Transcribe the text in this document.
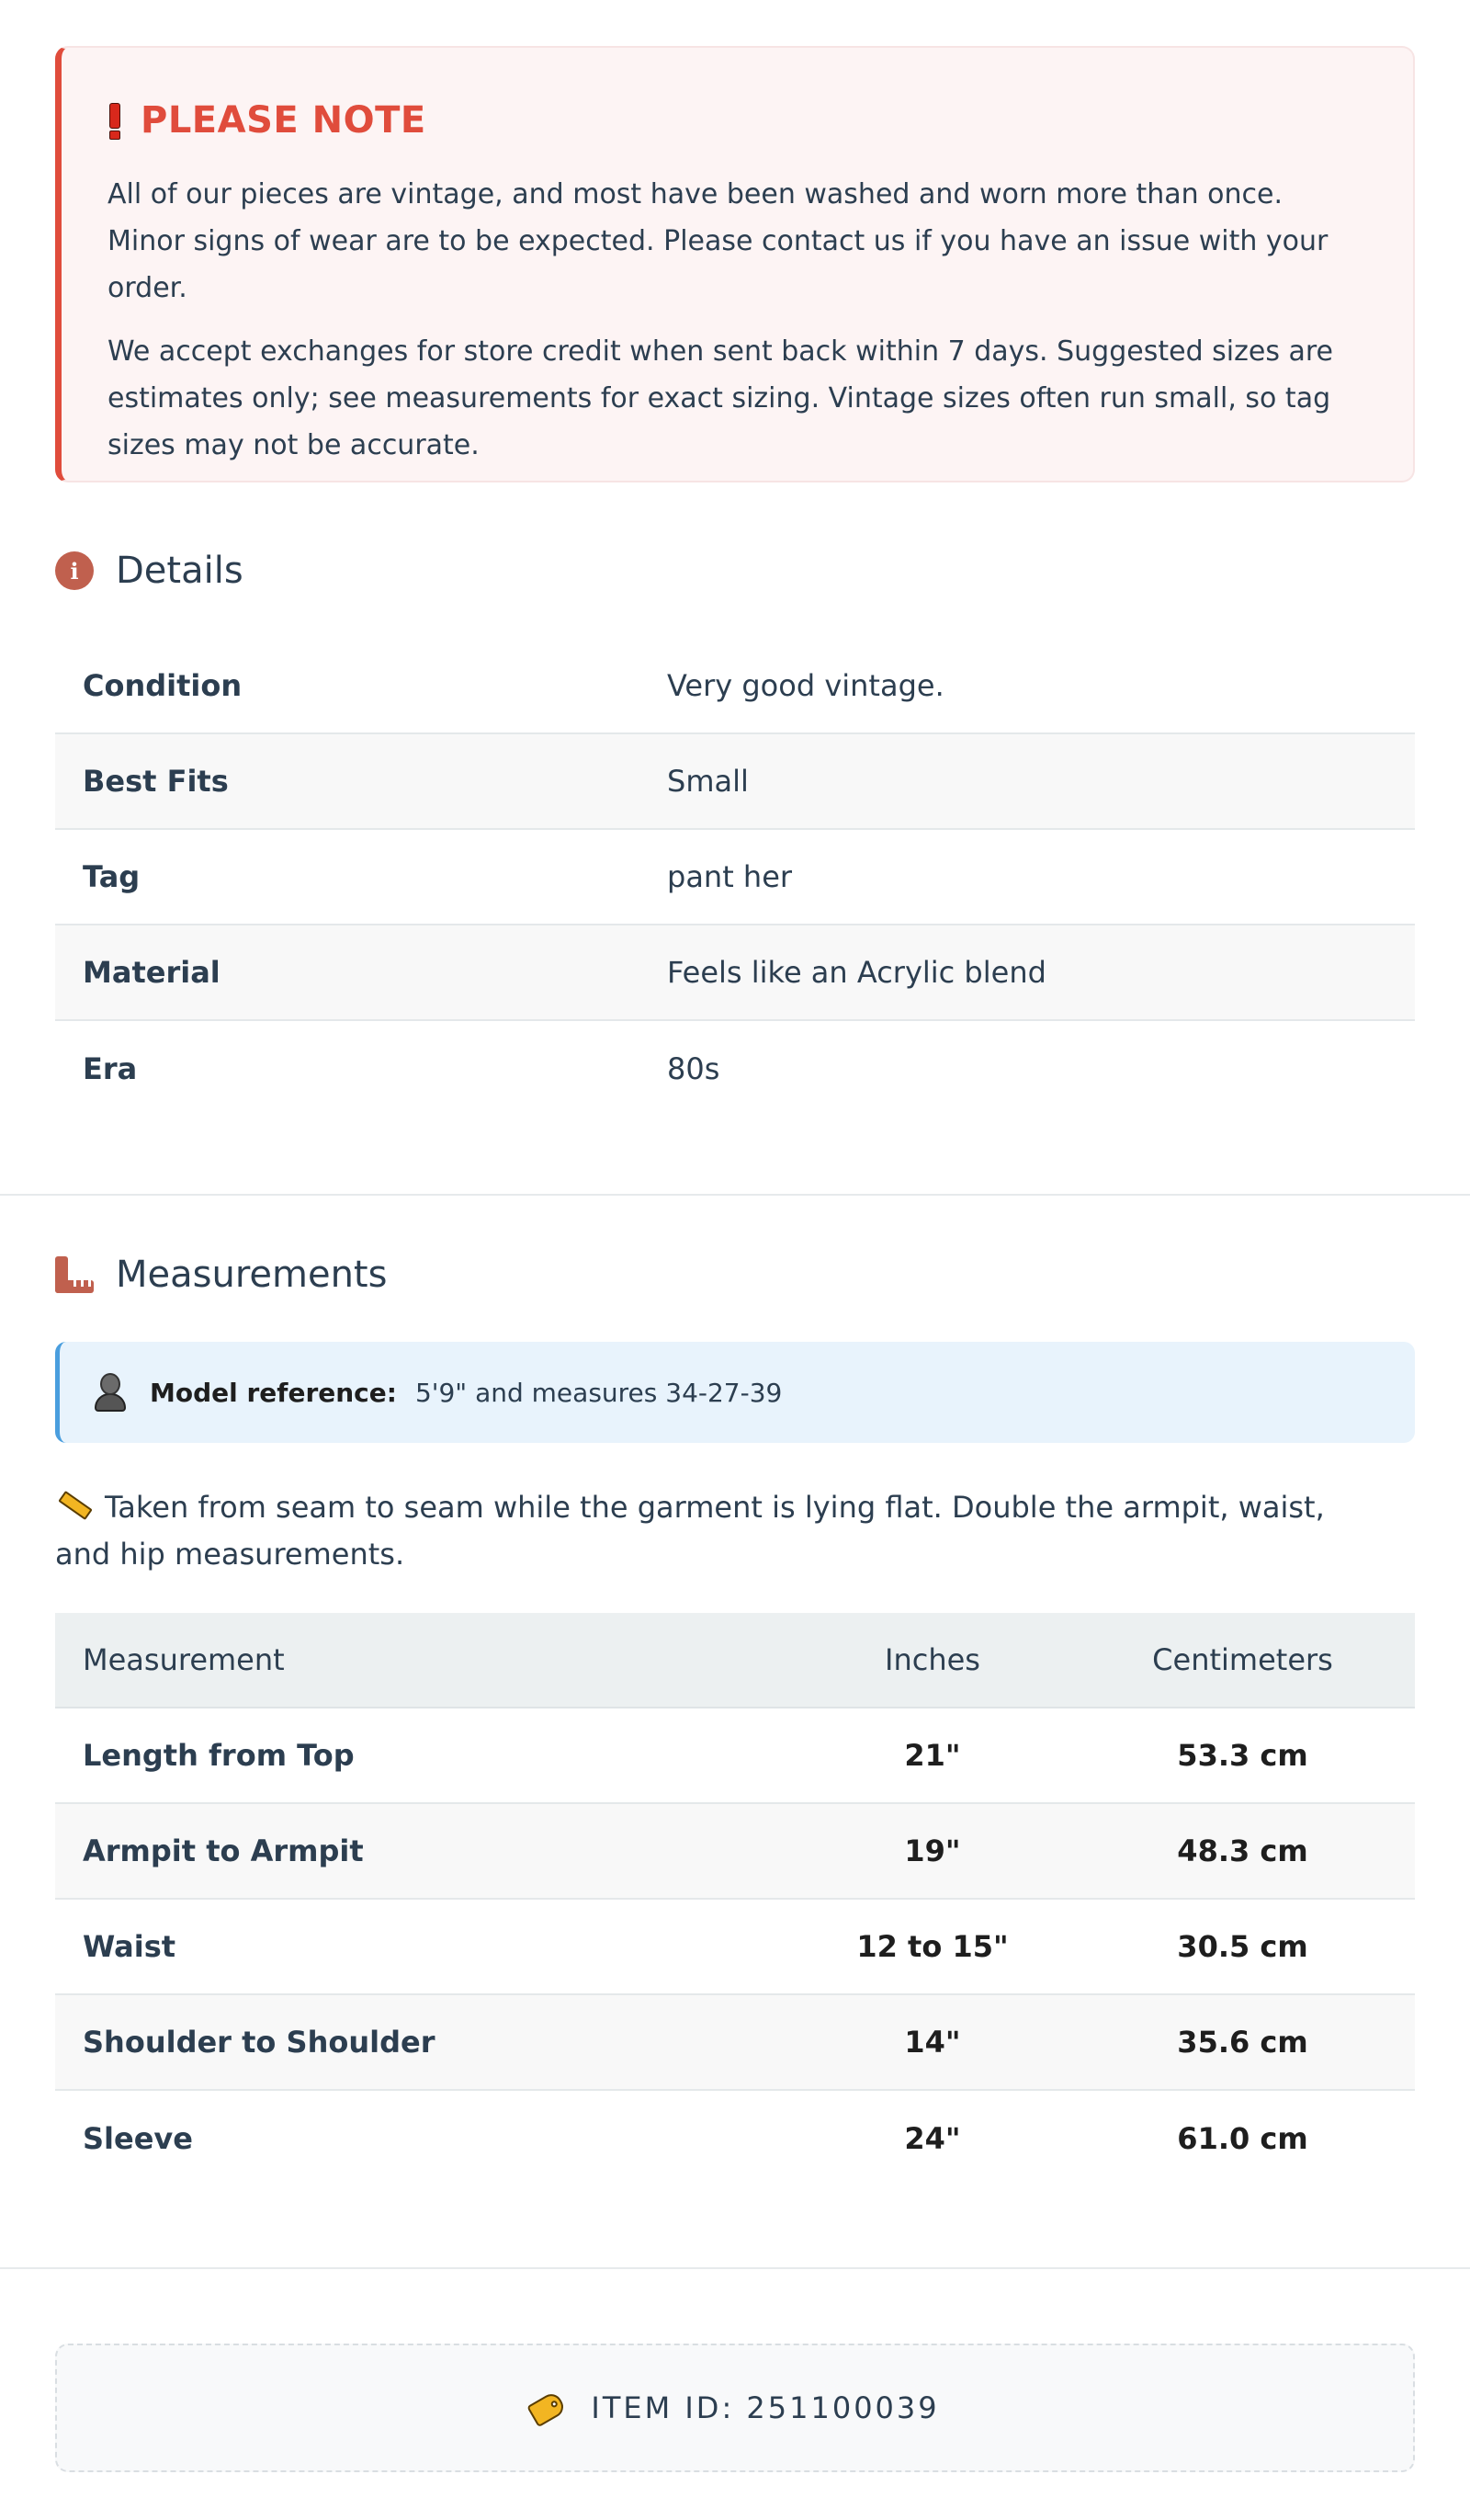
PLEASE NOTE

All of our pieces are vintage, and most have been washed and worn more than once. Minor signs of wear are to be expected. Please contact us if you have an issue with your order.

We accept exchanges for store credit when sent back within 7 days. Suggested sizes are estimates only; see measurements for exact sizing. Vintage sizes often run small, so tag sizes may not be accurate.

i	Details
Condition	Very good vintage.
Best Fits	Small
Tag	pant her
Material	Feels like an Acrylic blend
Era	80s
Measurements
Model reference: 5'9" and measures 34-27-39
Taken from seam to seam while the garment is lying flat. Double the armpit, waist, and hip measurements.
Measurement	Inches	Centimeters
Length from Top	21"	53.3 cm
Armpit to Armpit	19"	48.3 cm
Waist	12 to 15"	30.5 cm
Shoulder to Shoulder	14"	35.6 cm
Sleeve	24"	61.0 cm
ITEM ID: 251100039
